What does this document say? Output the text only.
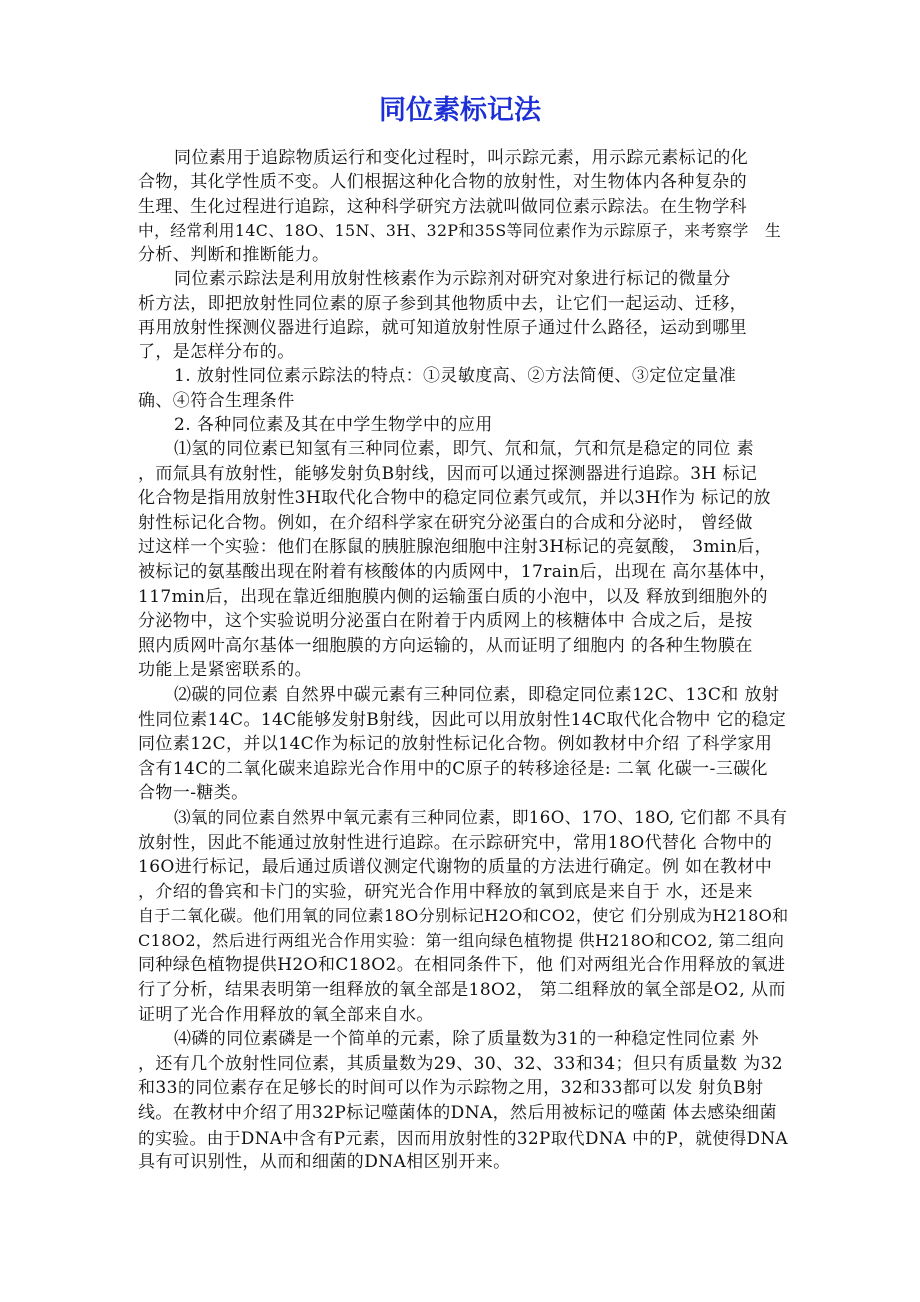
同位素标记法
同位素用于追踪物质运行和变化过程时，叫示踪元素，用示踪元素标记的化
合物，其化学性质不变。人们根据这种化合物的放射性，对生物体内各种复杂的
生理、生化过程进行追踪，这种科学研究方法就叫做同位素示踪法。在生物学科
中，经常利用14C、18O、15N、3H、32P和35S等同位素作为示踪原子，来考察学　生
分析、判断和推断能力。
同位素示踪法是利用放射性核素作为示踪剂对研究对象进行标记的微量分
析方法，即把放射性同位素的原子参到其他物质中去，让它们一起运动、迁移，
再用放射性探测仪器进行追踪，就可知道放射性原子通过什么路径，运动到哪里
了，是怎样分布的。
1. 放射性同位素示踪法的特点：①灵敏度高、②方法简便、③定位定量准
确、④符合生理条件
2. 各种同位素及其在中学生物学中的应用
⑴氢的同位素已知氢有三种同位素，即氕、氘和氚，氕和氘是稳定的同位 素
，而氚具有放射性，能够发射负B射线，因而可以通过探测器进行追踪。3H 标记
化合物是指用放射性3H取代化合物中的稳定同位素氕或氘，并以3H作为 标记的放
射性标记化合物。例如，在介绍科学家在研究分泌蛋白的合成和分泌时， 曾经做
过这样一个实验：他们在豚鼠的胰脏腺泡细胞中注射3H标记的亮氨酸， 3min后，
被标记的氨基酸出现在附着有核酸体的内质网中，17rain后，出现在 高尔基体中，
117min后，出现在靠近细胞膜内侧的运输蛋白质的小泡中，以及 释放到细胞外的
分泌物中，这个实验说明分泌蛋白在附着于内质网上的核糖体中 合成之后，是按
照内质网叶高尔基体一细胞膜的方向运输的，从而证明了细胞内 的各种生物膜在
功能上是紧密联系的。
⑵碳的同位素 自然界中碳元素有三种同位素，即稳定同位素12C、13C和 放射
性同位素14C。14C能够发射B射线，因此可以用放射性14C取代化合物中 它的稳定
同位素12C，并以14C作为标记的放射性标记化合物。例如教材中介绍 了科学家用
含有14C的二氧化碳来追踪光合作用中的C原子的转移途径是: 二氧 化碳一-三碳化
合物一-糖类。
⑶氧的同位素自然界中氧元素有三种同位素，即16O、17O、18O, 它们都 不具有
放射性，因此不能通过放射性进行追踪。在示踪研究中，常用18O代替化 合物中的
16O进行标记，最后通过质谱仪测定代谢物的质量的方法进行确定。例 如在教材中
，介绍的鲁宾和卡门的实验，研究光合作用中释放的氧到底是来自于 水，还是来
自于二氧化碳。他们用氧的同位素18O分别标记H2O和CO2，使它 们分别成为H218O和
C18O2，然后进行两组光合作用实验：第一组向绿色植物提 供H218O和CO2, 第二组向
同种绿色植物提供H2O和C18O2。在相同条件下，他 们对两组光合作用释放的氧进
行了分析，结果表明第一组释放的氧全部是18O2， 第二组释放的氧全部是O2, 从而
证明了光合作用释放的氧全部来自水。
⑷磷的同位素磷是一个简单的元素，除了质量数为31的一种稳定性同位素 外
，还有几个放射性同位素，其质量数为29、30、32、33和34；但只有质量数 为32
和33的同位素存在足够长的时间可以作为示踪物之用，32和33都可以发 射负B射
线。在教材中介绍了用32P标记噬菌体的DNA，然后用被标记的噬菌 体去感染细菌
的实验。由于DNA中含有P元素，因而用放射性的32P取代DNA 中的P，就使得DNA
具有可识别性，从而和细菌的DNA相区别开来。
